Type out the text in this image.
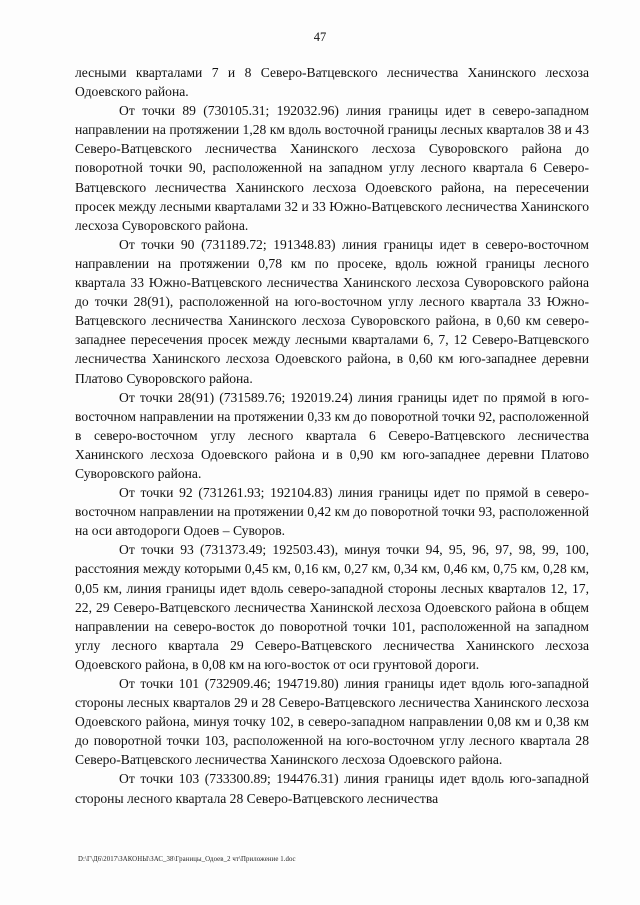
47

лесными кварталами 7 и 8 Северо-Ватцевского лесничества Ханинского лесхоза Одоевского района.

От точки 89 (730105.31; 192032.96) линия границы идет в северо-западном направлении на протяжении 1,28 км вдоль восточной границы лесных кварталов 38 и 43 Северо-Ватцевского лесничества Ханинского лесхоза Суворовского района до поворотной точки 90, расположенной на западном углу лесного квартала 6 Северо-Ватцевского лесничества Ханинского лесхоза Одоевского района, на пересечении просек между лесными кварталами 32 и 33 Южно-Ватцевского лесничества Ханинского лесхоза Суворовского района.

От точки 90 (731189.72; 191348.83) линия границы идет в северо-восточном направлении на протяжении 0,78 км по просеке, вдоль южной границы лесного квартала 33 Южно-Ватцевского лесничества Ханинского лесхоза Суворовского района до точки 28(91), расположенной на юго-восточном углу лесного квартала 33 Южно-Ватцевского лесничества Ханинского лесхоза Суворовского района, в 0,60 км северо-западнее пересечения просек между лесными кварталами 6, 7, 12 Северо-Ватцевского лесничества Ханинского лесхоза Одоевского района, в 0,60 км юго-западнее деревни Платово Суворовского района.

От точки 28(91) (731589.76; 192019.24) линия границы идет по прямой в юго-восточном направлении на протяжении 0,33 км до поворотной точки 92, расположенной в северо-восточном углу лесного квартала 6 Северо-Ватцевского лесничества Ханинского лесхоза Одоевского района и в 0,90 км юго-западнее деревни Платово Суворовского района.

От точки 92 (731261.93; 192104.83) линия границы идет по прямой в северо-восточном направлении на протяжении 0,42 км до поворотной точки 93, расположенной на оси автодороги Одоев – Суворов.

От точки 93 (731373.49; 192503.43), минуя точки 94, 95, 96, 97, 98, 99, 100, расстояния между которыми 0,45 км, 0,16 км, 0,27 км, 0,34 км, 0,46 км, 0,75 км, 0,28 км, 0,05 км, линия границы идет вдоль северо-западной стороны лесных кварталов 12, 17, 22, 29 Северо-Ватцевского лесничества Ханинской лесхоза Одоевского района в общем направлении на северо-восток до поворотной точки 101, расположенной на западном углу лесного квартала 29 Северо-Ватцевского лесничества Ханинского лесхоза Одоевского района, в 0,08 км на юго-восток от оси грунтовой дороги.

От точки 101 (732909.46; 194719.80) линия границы идет вдоль юго-западной стороны лесных кварталов 29 и 28 Северо-Ватцевского лесничества Ханинского лесхоза Одоевского района, минуя точку 102, в северо-западном направлении 0,08 км и 0,38 км до поворотной точки 103, расположенной на юго-восточном углу лесного квартала 28 Северо-Ватцевского лесничества Ханинского лесхоза Одоевского района.

От точки 103 (733300.89; 194476.31) линия границы идет вдоль юго-западной стороны лесного квартала 28 Северо-Ватцевского лесничества

D:\Г\Д6\2017\ЗАКОНЫ\ЗАС_38\Границы_Одоев_2 чт\Приложение 1.doc
